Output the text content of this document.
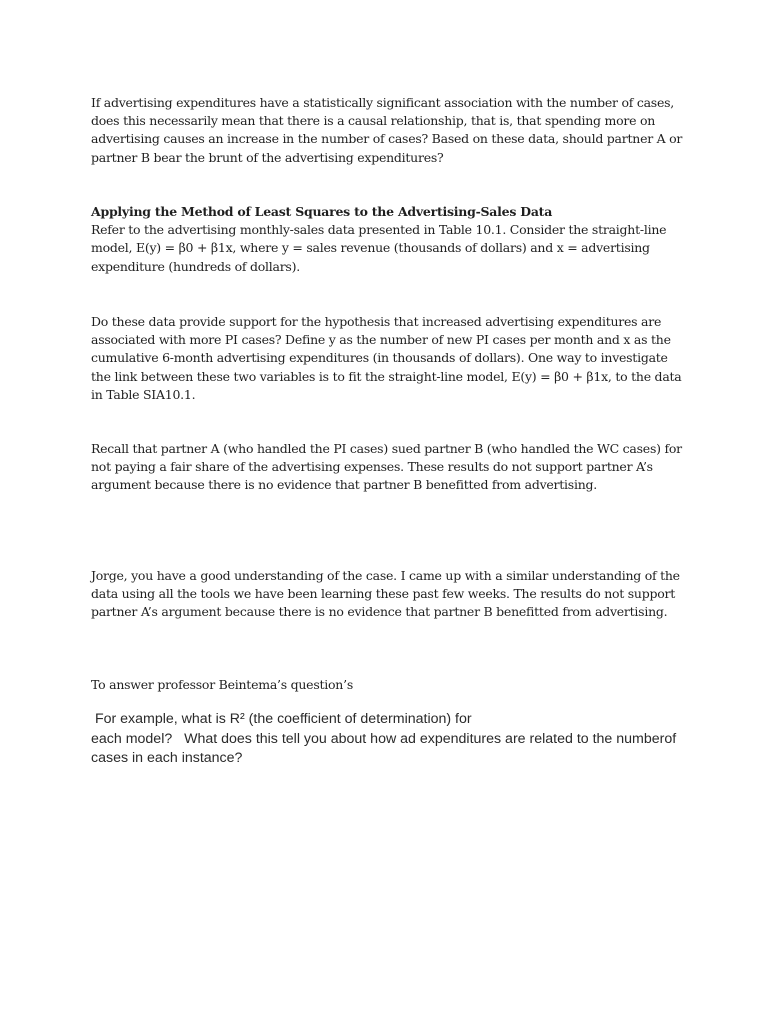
If advertising expenditures have a statistically significant association with the number of cases, does this necessarily mean that there is a causal relationship, that is, that spending more on advertising causes an increase in the number of cases? Based on these data, should partner A or partner B bear the brunt of the advertising expenditures?

Applying the Method of Least Squares to the Advertising-Sales Data
Refer to the advertising monthly-sales data presented in Table 10.1. Consider the straight-line model, E(y) = β0 + β1x, where y = sales revenue (thousands of dollars) and x = advertising expenditure (hundreds of dollars).

Do these data provide support for the hypothesis that increased advertising expenditures are associated with more PI cases? Define y as the number of new PI cases per month and x as the cumulative 6-month advertising expenditures (in thousands of dollars). One way to investigate the link between these two variables is to fit the straight-line model, E(y) = β0 + β1x, to the data in Table SIA10.1.

Recall that partner A (who handled the PI cases) sued partner B (who handled the WC cases) for not paying a fair share of the advertising expenses. These results do not support partner A’s argument because there is no evidence that partner B benefitted from advertising.

Jorge, you have a good understanding of the case. I came up with a similar understanding of the data using all the tools we have been learning these past few weeks. The results do not support partner A’s argument because there is no evidence that partner B benefitted from advertising.

To answer professor Beintema’s question’s

For example, what is R² (the coefficient of determination) for
each model?   What does this tell you about how ad expenditures are related to the numberof cases in each instance?
